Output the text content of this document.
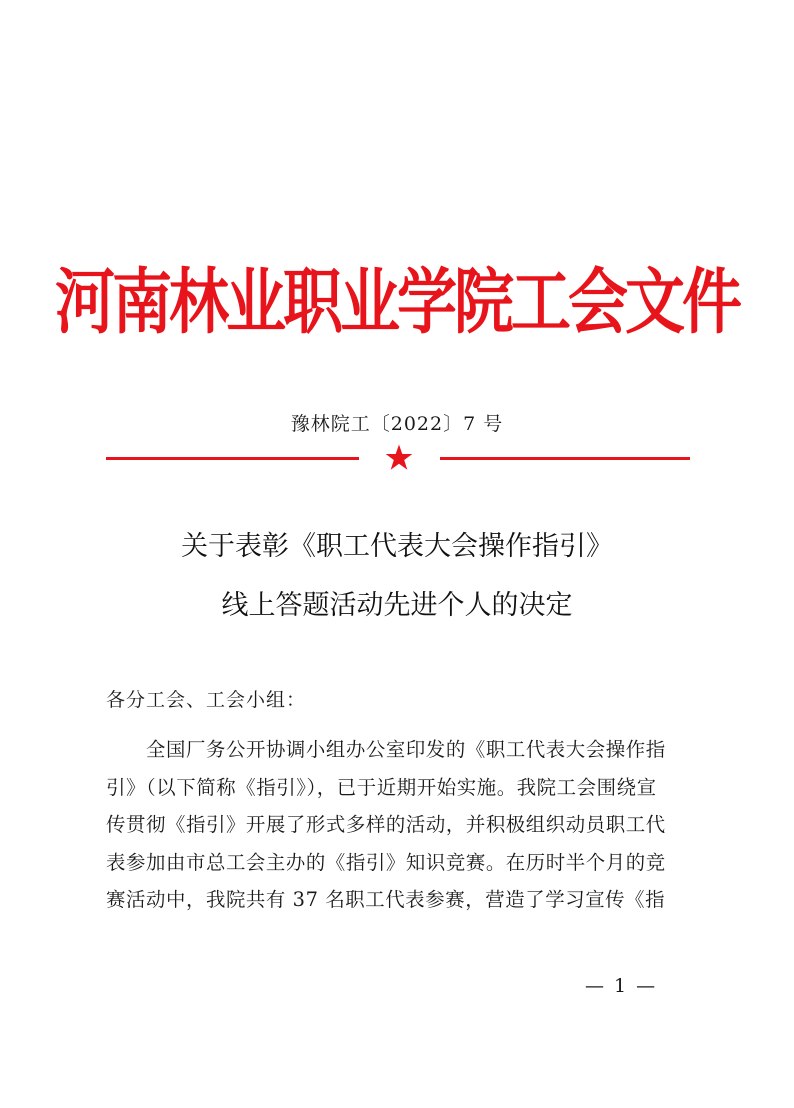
河南林业职业学院工会文件
豫林院工〔2022〕7 号
关于表彰《职工代表大会操作指引》
线上答题活动先进个人的决定
各分工会、工会小组：

全国厂务公开协调小组办公室印发的《职工代表大会操作指
引》（以下简称《指引》），已于近期开始实施。我院工会围绕宣
传贯彻《指引》开展了形式多样的活动，并积极组织动员职工代
表参加由市总工会主办的《指引》知识竞赛。在历时半个月的竞
赛活动中，我院共有 37 名职工代表参赛，营造了学习宣传《指

— 1 —
